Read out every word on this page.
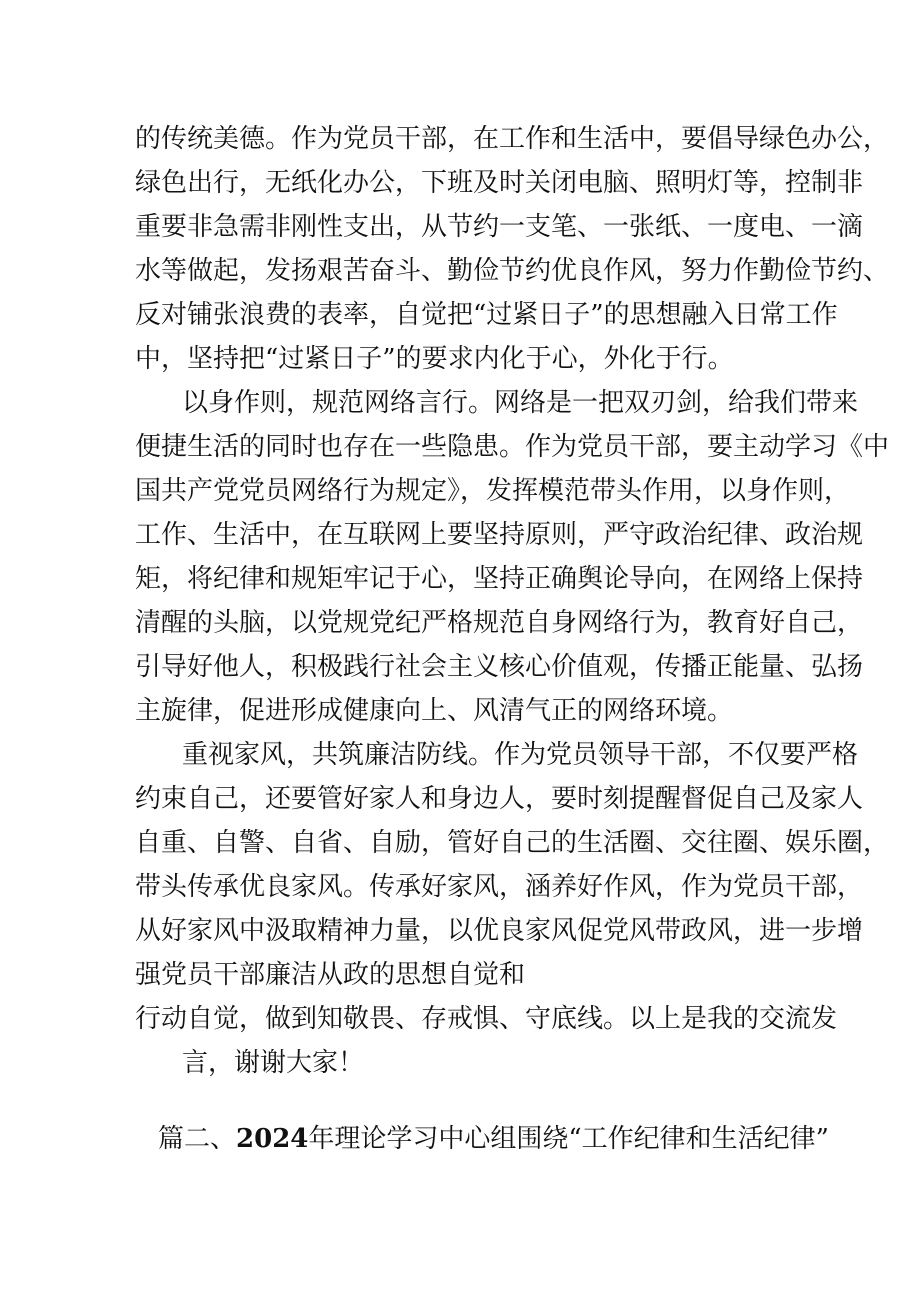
的传统美德。作为党员干部，在工作和生活中，要倡导绿色办公，

绿色出行，无纸化办公，下班及时关闭电脑、照明灯等，控制非

重要非急需非刚性支出，从节约一支笔、一张纸、一度电、一滴

水等做起，发扬艰苦奋斗、勤俭节约优良作风，努力作勤俭节约、

反对铺张浪费的表率，自觉把“过紧日子”的思想融入日常工作

中，坚持把“过紧日子”的要求内化于心，外化于行。

以身作则，规范网络言行。网络是一把双刃剑，给我们带来

便捷生活的同时也存在一些隐患。作为党员干部，要主动学习《中

国共产党党员网络行为规定》，发挥模范带头作用，以身作则，

工作、生活中，在互联网上要坚持原则，严守政治纪律、政治规

矩，将纪律和规矩牢记于心，坚持正确舆论导向，在网络上保持

清醒的头脑，以党规党纪严格规范自身网络行为，教育好自己，

引导好他人，积极践行社会主义核心价值观，传播正能量、弘扬

主旋律，促进形成健康向上、风清气正的网络环境。

重视家风，共筑廉洁防线。作为党员领导干部，不仅要严格

约束自己，还要管好家人和身边人，要时刻提醒督促自己及家人

自重、自警、自省、自励，管好自己的生活圈、交往圈、娱乐圈，

带头传承优良家风。传承好家风，涵养好作风，作为党员干部，

从好家风中汲取精神力量，以优良家风促党风带政风，进一步增

强党员干部廉洁从政的思想自觉和

行动自觉，做到知敬畏、存戒惧、守底线。以上是我的交流发

言，谢谢大家！

篇二、2024年理论学习中心组围绕“工作纪律和生活纪律”
